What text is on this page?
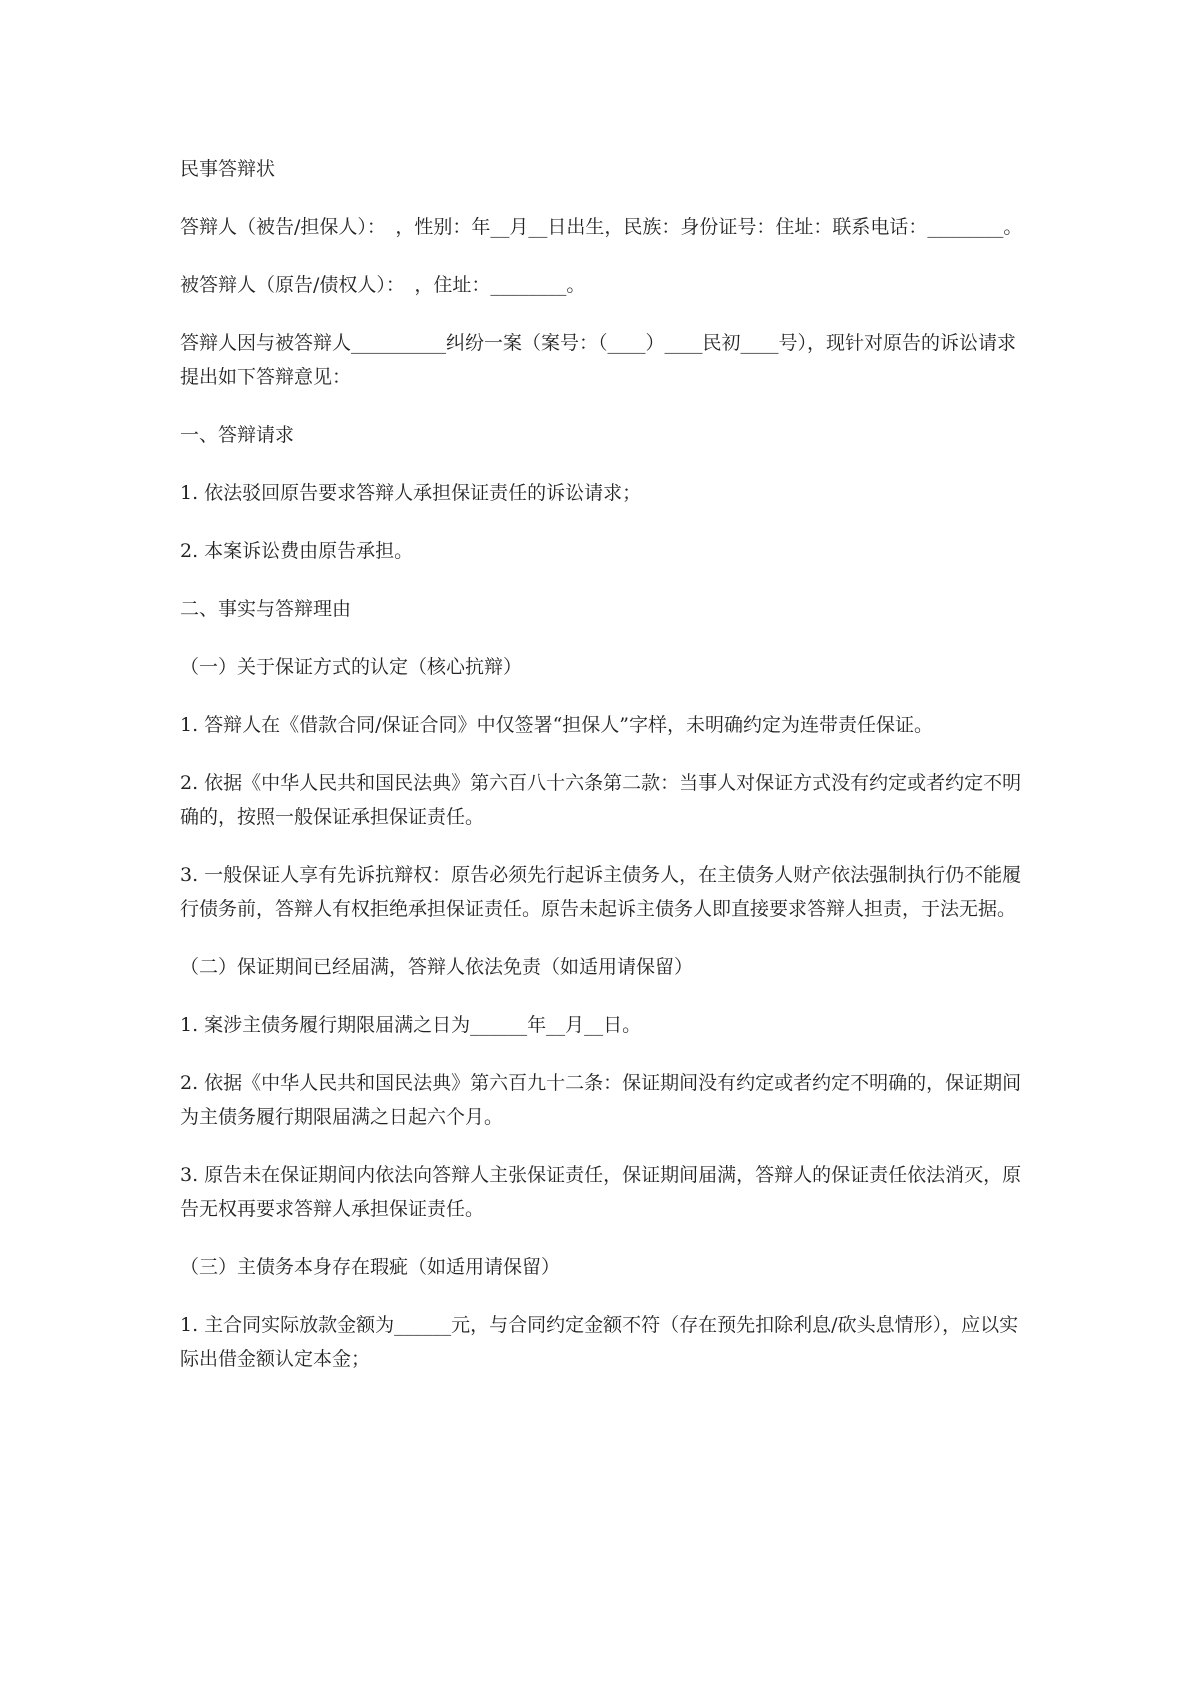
民事答辩状

答辩人（被告/担保人）：　，性别：年__月__日出生，民族：身份证号：住址：联系电话：________。

被答辩人（原告/债权人）：　，住址：________。

答辩人因与被答辩人__________纠纷一案（案号：（____）____民初____号），现针对原告的诉讼请求提出如下答辩意见：

一、答辩请求

1. 依法驳回原告要求答辩人承担保证责任的诉讼请求；

2. 本案诉讼费由原告承担。

二、事实与答辩理由

（一）关于保证方式的认定（核心抗辩）

1. 答辩人在《借款合同/保证合同》中仅签署“担保人”字样，未明确约定为连带责任保证。

2. 依据《中华人民共和国民法典》第六百八十六条第二款：当事人对保证方式没有约定或者约定不明确的，按照一般保证承担保证责任。

3. 一般保证人享有先诉抗辩权：原告必须先行起诉主债务人，在主债务人财产依法强制执行仍不能履行债务前，答辩人有权拒绝承担保证责任。原告未起诉主债务人即直接要求答辩人担责，于法无据。

（二）保证期间已经届满，答辩人依法免责（如适用请保留）

1. 案涉主债务履行期限届满之日为______年__月__日。

2. 依据《中华人民共和国民法典》第六百九十二条：保证期间没有约定或者约定不明确的，保证期间为主债务履行期限届满之日起六个月。

3. 原告未在保证期间内依法向答辩人主张保证责任，保证期间届满，答辩人的保证责任依法消灭，原告无权再要求答辩人承担保证责任。

（三）主债务本身存在瑕疵（如适用请保留）

1. 主合同实际放款金额为______元，与合同约定金额不符（存在预先扣除利息/砍头息情形），应以实际出借金额认定本金；
